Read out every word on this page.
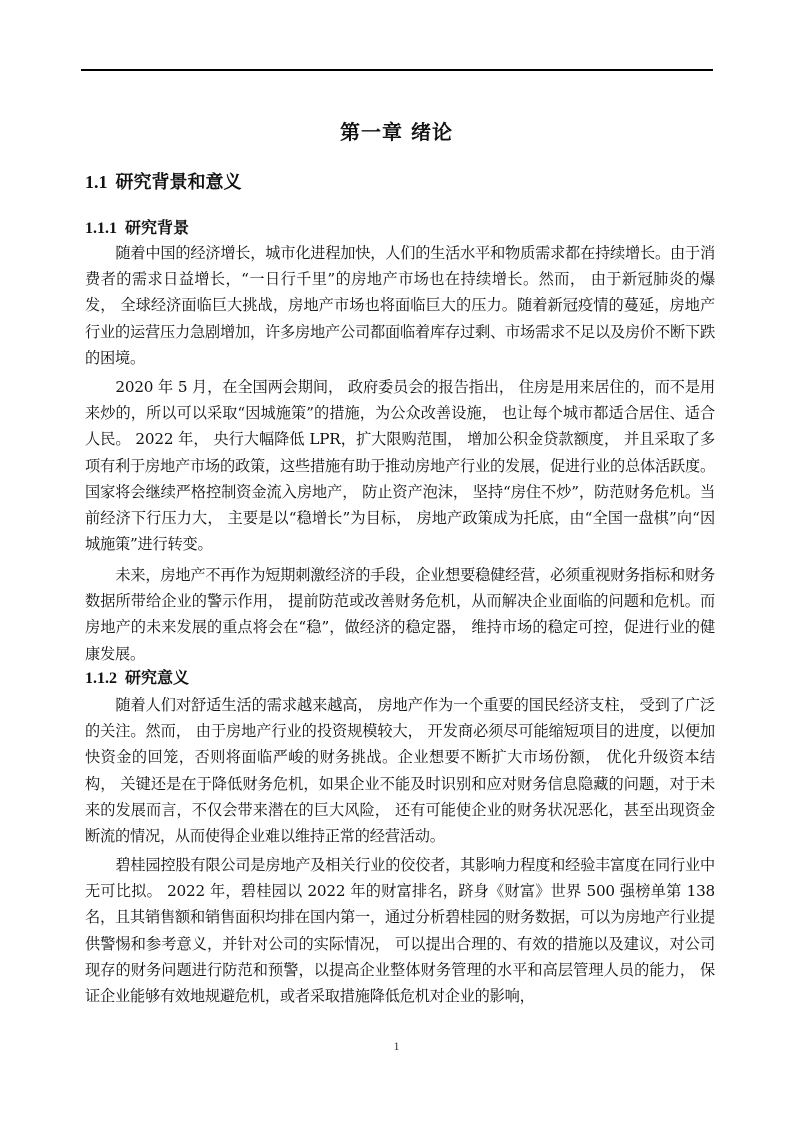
第一章 绪论
1.1 研究背景和意义
1.1.1 研究背景

随着中国的经济增长，城市化进程加快，人们的生活水平和物质需求都在持续增长。由于消费者的需求日益增长，“一日行千里”的房地产市场也在持续增长。然而， 由于新冠肺炎的爆发， 全球经济面临巨大挑战，房地产市场也将面临巨大的压力。随着新冠疫情的蔓延，房地产行业的运营压力急剧增加，许多房地产公司都面临着库存过剩、市场需求不足以及房价不断下跌的困境。

2020 年 5 月，在全国两会期间， 政府委员会的报告指出， 住房是用来居住的，而不是用来炒的，所以可以采取“因城施策”的措施，为公众改善设施， 也让每个城市都适合居住、适合人民。 2022 年， 央行大幅降低 LPR，扩大限购范围， 增加公积金贷款额度， 并且采取了多项有利于房地产市场的政策，这些措施有助于推动房地产行业的发展，促进行业的总体活跃度。国家将会继续严格控制资金流入房地产， 防止资产泡沫， 坚持“房住不炒”，防范财务危机。当前经济下行压力大， 主要是以“稳增长”为目标， 房地产政策成为托底，由“全国一盘棋”向“因城施策”进行转变。

未来，房地产不再作为短期刺激经济的手段，企业想要稳健经营，必须重视财务指标和财务数据所带给企业的警示作用， 提前防范或改善财务危机，从而解决企业面临的问题和危机。而房地产的未来发展的重点将会在“稳”，做经济的稳定器， 维持市场的稳定可控，促进行业的健康发展。

1.1.2 研究意义

随着人们对舒适生活的需求越来越高， 房地产作为一个重要的国民经济支柱， 受到了广泛的关注。然而， 由于房地产行业的投资规模较大， 开发商必须尽可能缩短项目的进度，以便加快资金的回笼，否则将面临严峻的财务挑战。企业想要不断扩大市场份额， 优化升级资本结构， 关键还是在于降低财务危机，如果企业不能及时识别和应对财务信息隐藏的问题，对于未来的发展而言，不仅会带来潜在的巨大风险， 还有可能使企业的财务状况恶化，甚至出现资金断流的情况，从而使得企业难以维持正常的经营活动。

碧桂园控股有限公司是房地产及相关行业的佼佼者，其影响力程度和经验丰富度在同行业中无可比拟。 2022 年，碧桂园以 2022 年的财富排名，跻身《财富》世界 500 强榜单第 138 名，且其销售额和销售面积均排在国内第一，通过分析碧桂园的财务数据，可以为房地产行业提供警惕和参考意义，并针对公司的实际情况， 可以提出合理的、有效的措施以及建议，对公司现存的财务问题进行防范和预警，以提高企业整体财务管理的水平和高层管理人员的能力， 保证企业能够有效地规避危机，或者采取措施降低危机对企业的影响，

1
